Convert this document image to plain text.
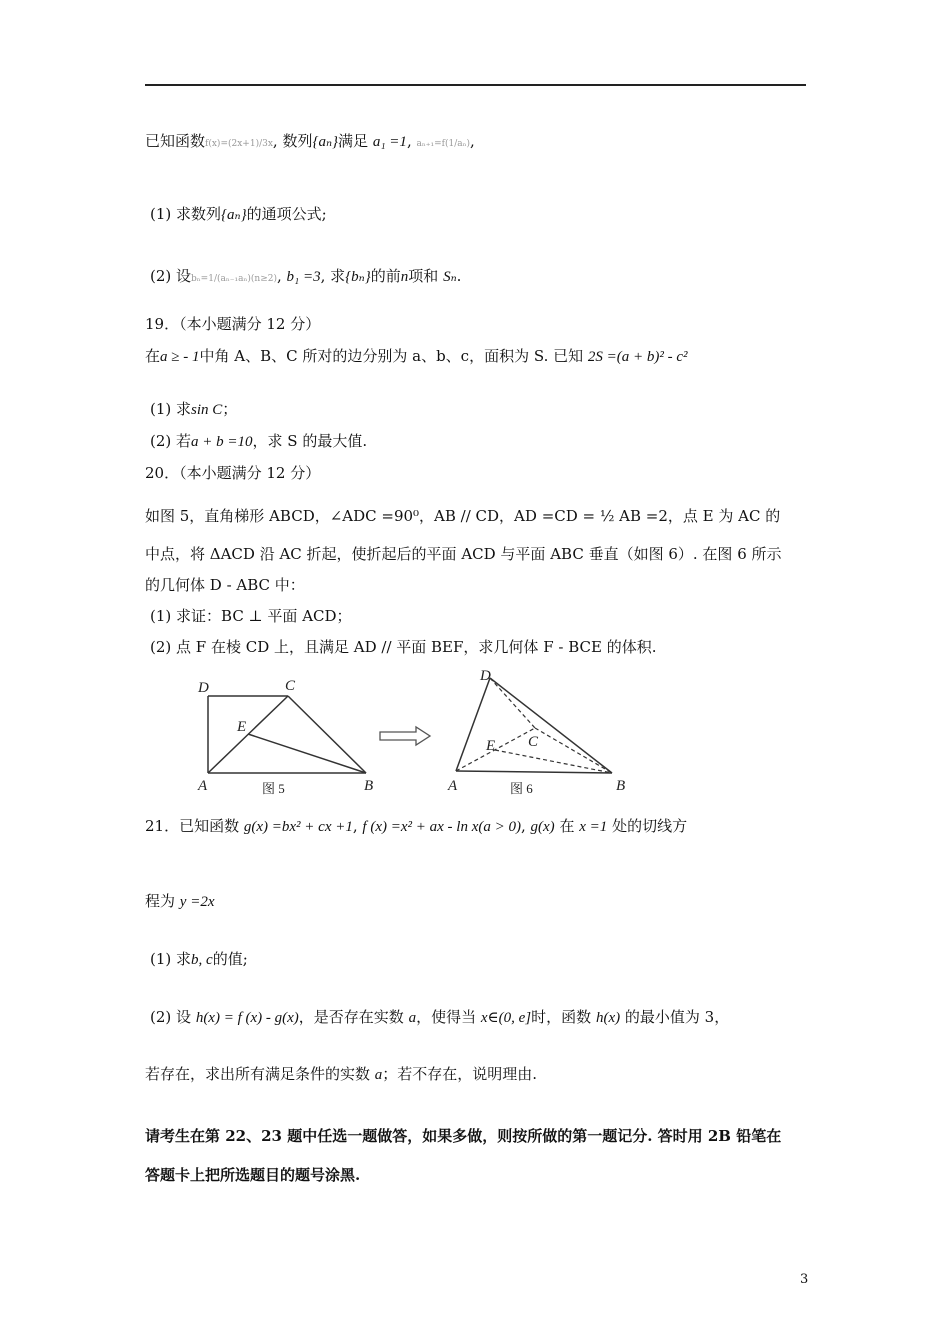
已知函数f(x)=(2x+1)/3x, 数列{aₙ}满足 a₁ =1, aₙ₊₁=f(1/aₙ),
(1) 求数列{aₙ}的通项公式;
(2) 设bₙ=1/(aₙ₋₁aₙ)(n≥2), b₁ =3, 求{bₙ}的前n项和 Sₙ.
19．（本小题满分 12 分）
在a ≥ - 1中角 A、B、C 所对的边分别为 a、b、c，面积为 S. 已知 2S =(a + b)² - c²
(1) 求sin C；
(2) 若a + b =10，求 S 的最大值.
20．（本小题满分 12 分）
如图 5，直角梯形 ABCD，∠ADC =90⁰，AB // CD，AD =CD = ½ AB =2，点 E 为 AC 的
中点，将 ΔACD 沿 AC 折起，使折起后的平面 ACD 与平面 ABC 垂直（如图 6）. 在图 6 所示
的几何体 D - ABC 中：
(1) 求证：BC ⊥ 平面 ACD；
(2) 点 F 在棱 CD 上，且满足 AD // 平面 BEF，求几何体 F - BCE 的体积.
D	C
E
A	B
图 5
D
C
E
A	B
图 6
21．已知函数 g(x) =bx² + cx +1, f (x) =x² + ax - ln x(a > 0), g(x) 在 x =1 处的切线方
程为 y =2x
(1) 求b, c的值;
(2) 设 h(x) = f (x) - g(x)，是否存在实数 a，使得当 x∈(0, e]时，函数 h(x) 的最小值为 3，
若存在，求出所有满足条件的实数 a；若不存在，说明理由.
请考生在第 22、23 题中任选一题做答，如果多做，则按所做的第一题记分. 答时用 2B 铅笔在
答题卡上把所选题目的题号涂黑.
3
